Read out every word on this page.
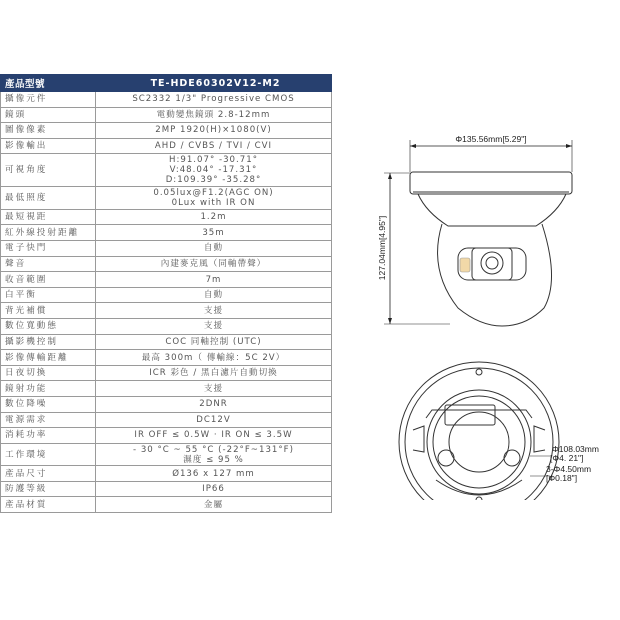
產品型號	TE-HDE60302V12-M2
攝像元件	SC2332 1/3" Progressive CMOS
鏡頭	電動變焦鏡頭 2.8-12mm
圖像像素	2MP 1920(H)×1080(V)
影像輸出	AHD / CVBS / TVI / CVI
可視角度	H:91.07° -30.71°
V:48.04° -17.31°
D:109.39° -35.28°
最低照度	0.05lux@F1.2(AGC ON)
0Lux with IR ON
最短視距	1.2m
紅外線投射距離	35m
電子快門	自動
聲音	內建麥克風（同軸帶聲）
收音範圍	7m
白平衡	自動
背光補償	支援
數位寬動態	支援
攝影機控制	COC 同軸控制 (UTC)
影像傳輸距離	最高 300m（ 傳輸線：5C 2V）
日夜切換	ICR 彩色 / 黑白濾片自動切換
鏡射功能	支援
數位降噪	2DNR
電源需求	DC12V
消耗功率	IR OFF ≤ 0.5W · IR ON ≤ 3.5W
工作環境	- 30 °C ~ 55 °C (-22°F~131°F)
濕度 ≤ 95 %
產品尺寸	Ø136 x 127 mm
防護等級	IP66
產品材質	金屬
Φ135.56mm[5.29"]
127.04mm[4.95"]
Φ108.03mm
[Φ4. 21"]
3-Φ4.50mm
[Φ0.18"]
